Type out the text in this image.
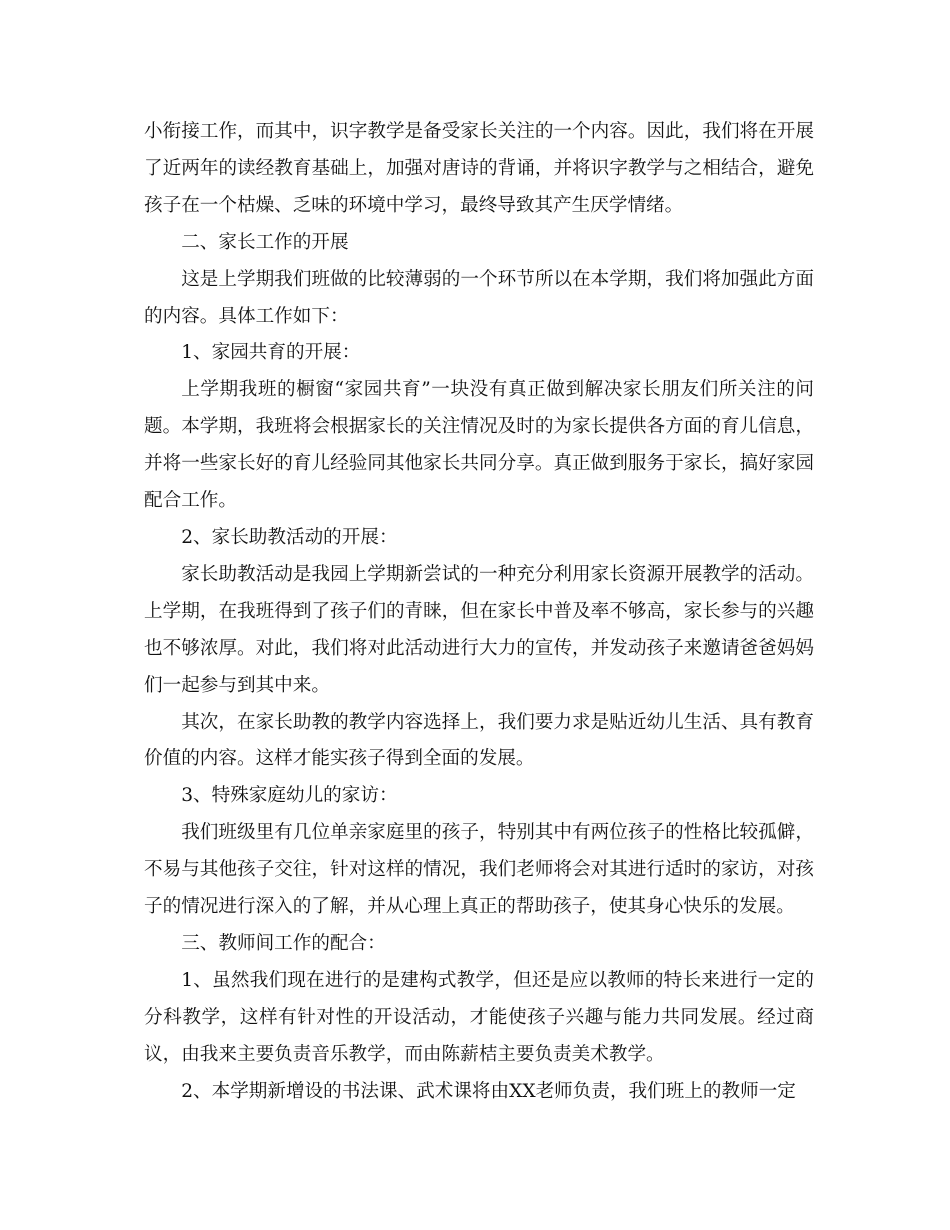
小衔接工作，而其中，识字教学是备受家长关注的一个内容。因此，我们将在开展了近两年的读经教育基础上，加强对唐诗的背诵，并将识字教学与之相结合，避免孩子在一个枯燥、乏味的环境中学习，最终导致其产生厌学情绪。

二、家长工作的开展

这是上学期我们班做的比较薄弱的一个环节所以在本学期，我们将加强此方面的内容。具体工作如下：

1、家园共育的开展：

上学期我班的橱窗“家园共育”一块没有真正做到解决家长朋友们所关注的问题。本学期，我班将会根据家长的关注情况及时的为家长提供各方面的育儿信息，并将一些家长好的育儿经验同其他家长共同分享。真正做到服务于家长，搞好家园配合工作。

2、家长助教活动的开展：

家长助教活动是我园上学期新尝试的一种充分利用家长资源开展教学的活动。上学期，在我班得到了孩子们的青睐，但在家长中普及率不够高，家长参与的兴趣也不够浓厚。对此，我们将对此活动进行大力的宣传，并发动孩子来邀请爸爸妈妈们一起参与到其中来。

其次，在家长助教的教学内容选择上，我们要力求是贴近幼儿生活、具有教育价值的内容。这样才能实孩子得到全面的发展。

3、特殊家庭幼儿的家访：

我们班级里有几位单亲家庭里的孩子，特别其中有两位孩子的性格比较孤僻，不易与其他孩子交往，针对这样的情况，我们老师将会对其进行适时的家访，对孩子的情况进行深入的了解，并从心理上真正的帮助孩子，使其身心快乐的发展。

三、教师间工作的配合：

1、虽然我们现在进行的是建构式教学，但还是应以教师的特长来进行一定的分科教学，这样有针对性的开设活动，才能使孩子兴趣与能力共同发展。经过商议，由我来主要负责音乐教学，而由陈薪桔主要负责美术教学。

2、本学期新增设的书法课、武术课将由XX老师负责，我们班上的教师一定
